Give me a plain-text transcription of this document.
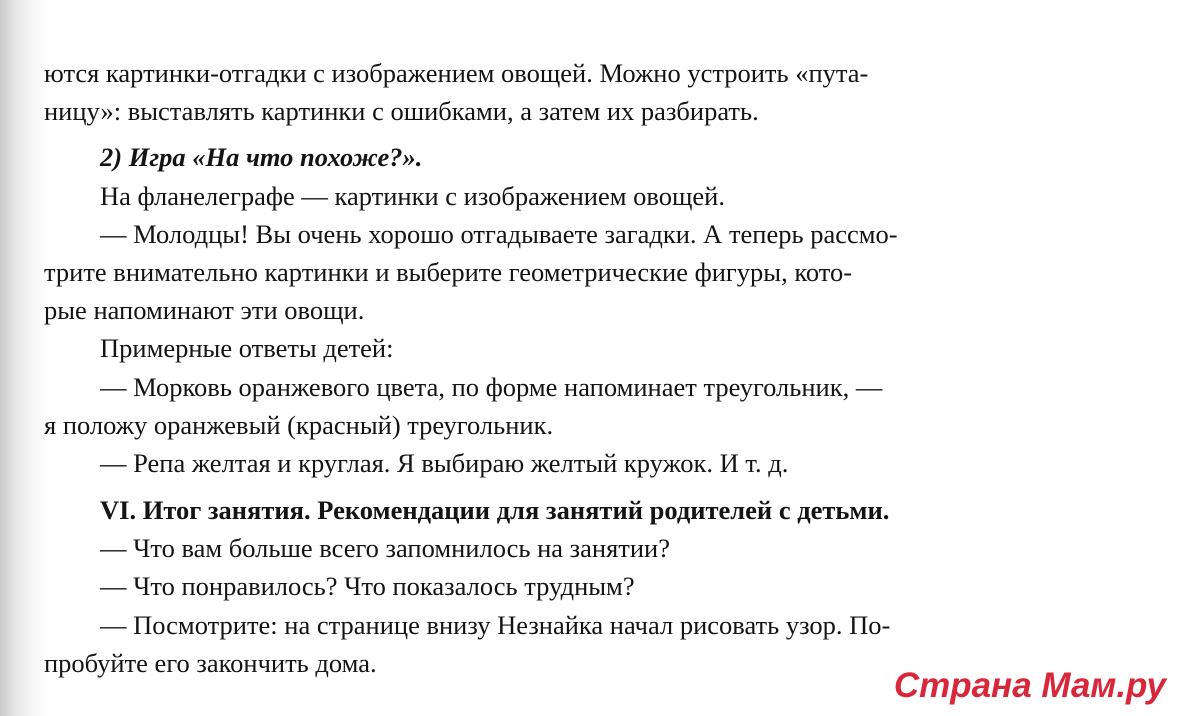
ются картинки-отгадки с изображением овощей. Можно устроить «пута-
ницу»: выставлять картинки с ошибками, а затем их разбирать.
2) Игра «На что похоже?».
На фланелеграфе — картинки с изображением овощей.
— Молодцы! Вы очень хорошо отгадываете загадки. А теперь рассмо-
трите внимательно картинки и выберите геометрические фигуры, кото-
рые напоминают эти овощи.
Примерные ответы детей:
— Морковь оранжевого цвета, по форме напоминает треугольник, —
я положу оранжевый (красный) треугольник.
— Репа желтая и круглая. Я выбираю желтый кружок. И т. д.
VI. Итог занятия. Рекомендации для занятий родителей с детьми.
— Что вам больше всего запомнилось на занятии?
— Что понравилось? Что показалось трудным?
— Посмотрите: на странице внизу Незнайка начал рисовать узор. По-
пробуйте его закончить дома.
Страна Мам.ру
